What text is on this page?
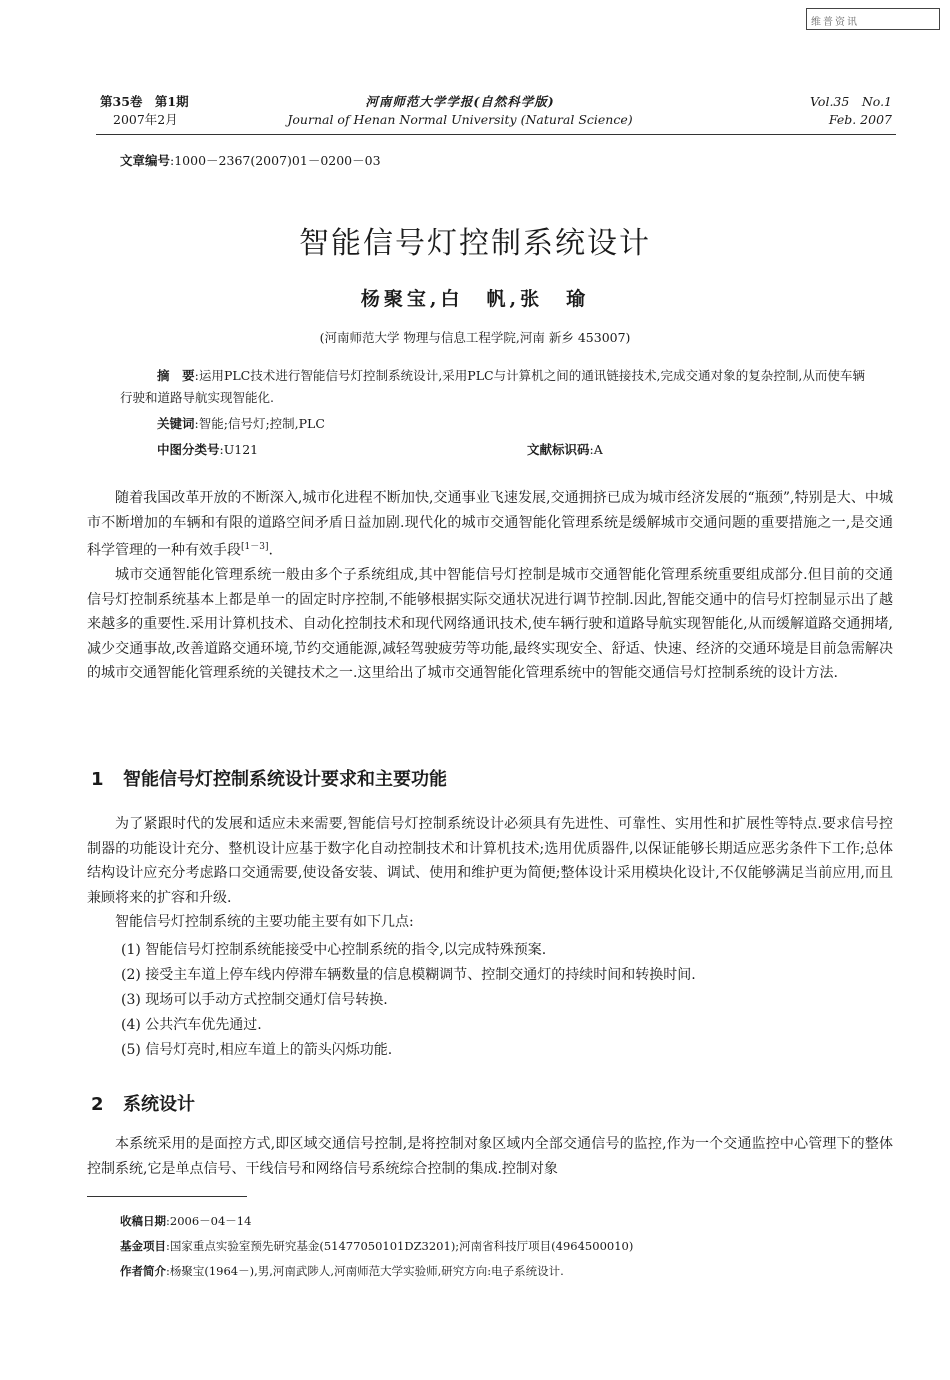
维普资讯
第35卷　第1期
2007年2月
河南师范大学学报(自然科学版)
Journal of Henan Normal University (Natural Science)
Vol.35　No.1
Feb. 2007
文章编号:1000－2367(2007)01－0200－03
智能信号灯控制系统设计
杨聚宝,白　帆,张　瑜
(河南师范大学 物理与信息工程学院,河南 新乡 453007)
摘　要:运用PLC技术进行智能信号灯控制系统设计,采用PLC与计算机之间的通讯链接技术,完成交通对象的复杂控制,从而使车辆行驶和道路导航实现智能化.
关键词:智能;信号灯;控制,PLC
中图分类号:U121	文献标识码:A

随着我国改革开放的不断深入,城市化进程不断加快,交通事业飞速发展,交通拥挤已成为城市经济发展的“瓶颈”,特别是大、中城市不断增加的车辆和有限的道路空间矛盾日益加剧.现代化的城市交通智能化管理系统是缓解城市交通问题的重要措施之一,是交通科学管理的一种有效手段[1－3].

城市交通智能化管理系统一般由多个子系统组成,其中智能信号灯控制是城市交通智能化管理系统重要组成部分.但目前的交通信号灯控制系统基本上都是单一的固定时序控制,不能够根据实际交通状况进行调节控制.因此,智能交通中的信号灯控制显示出了越来越多的重要性.采用计算机技术、自动化控制技术和现代网络通讯技术,使车辆行驶和道路导航实现智能化,从而缓解道路交通拥堵,减少交通事故,改善道路交通环境,节约交通能源,减轻驾驶疲劳等功能,最终实现安全、舒适、快速、经济的交通环境是目前急需解决的城市交通智能化管理系统的关键技术之一.这里给出了城市交通智能化管理系统中的智能交通信号灯控制系统的设计方法.

1 智能信号灯控制系统设计要求和主要功能

为了紧跟时代的发展和适应未来需要,智能信号灯控制系统设计必须具有先进性、可靠性、实用性和扩展性等特点.要求信号控制器的功能设计充分、整机设计应基于数字化自动控制技术和计算机技术;选用优质器件,以保证能够长期适应恶劣条件下工作;总体结构设计应充分考虑路口交通需要,使设备安装、调试、使用和维护更为简便;整体设计采用模块化设计,不仅能够满足当前应用,而且兼顾将来的扩容和升级.

智能信号灯控制系统的主要功能主要有如下几点:

(1) 智能信号灯控制系统能接受中心控制系统的指令,以完成特殊预案.
(2) 接受主车道上停车线内停滞车辆数量的信息模糊调节、控制交通灯的持续时间和转换时间.
(3) 现场可以手动方式控制交通灯信号转换.
(4) 公共汽车优先通过.
(5) 信号灯亮时,相应车道上的箭头闪烁功能.
2 系统设计

本系统采用的是面控方式,即区域交通信号控制,是将控制对象区域内全部交通信号的监控,作为一个交通监控中心管理下的整体控制系统,它是单点信号、干线信号和网络信号系统综合控制的集成.控制对象

收稿日期:2006－04－14
基金项目:国家重点实验室预先研究基金(51477050101DZ3201);河南省科技厅项目(4964500010)
作者简介:杨聚宝(1964－),男,河南武陟人,河南师范大学实验师,研究方向:电子系统设计.
